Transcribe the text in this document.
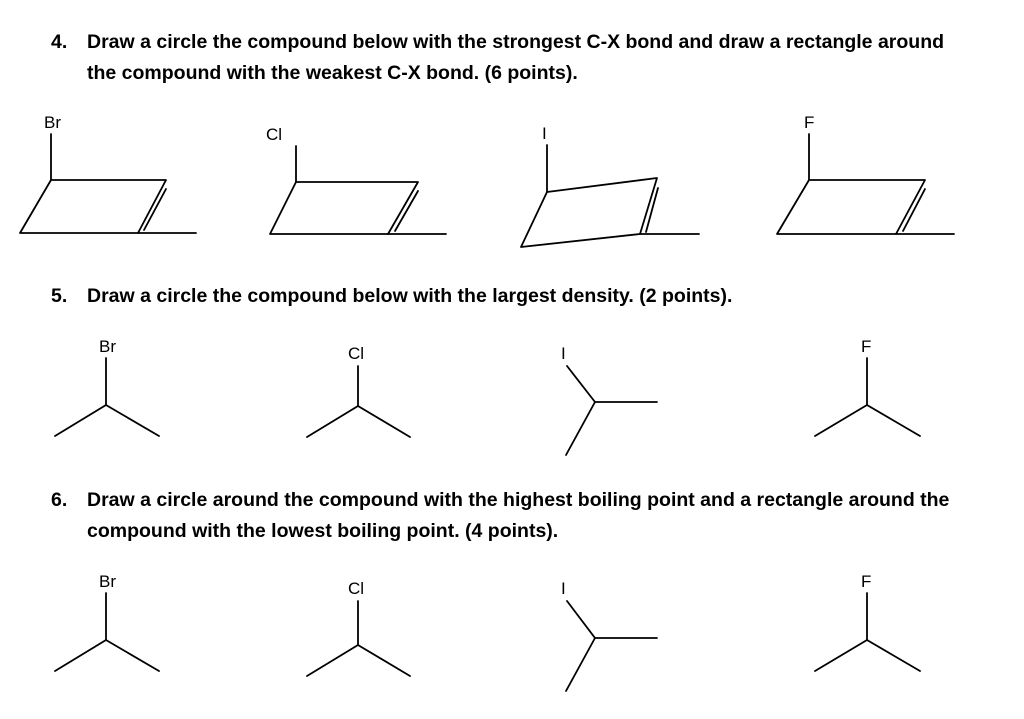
4.	Draw a circle the compound below with the strongest C-X bond and draw a rectangle around the compound with the weakest C-X bond. (6 points).
5.	Draw a circle the compound below with the largest density. (2 points).
6.	Draw a circle around the compound with the highest boiling point and a rectangle around the compound with the lowest boiling point. (4 points).
Br
Cl	I
F
Br	Cl	I	F
Br	Cl	I	F
